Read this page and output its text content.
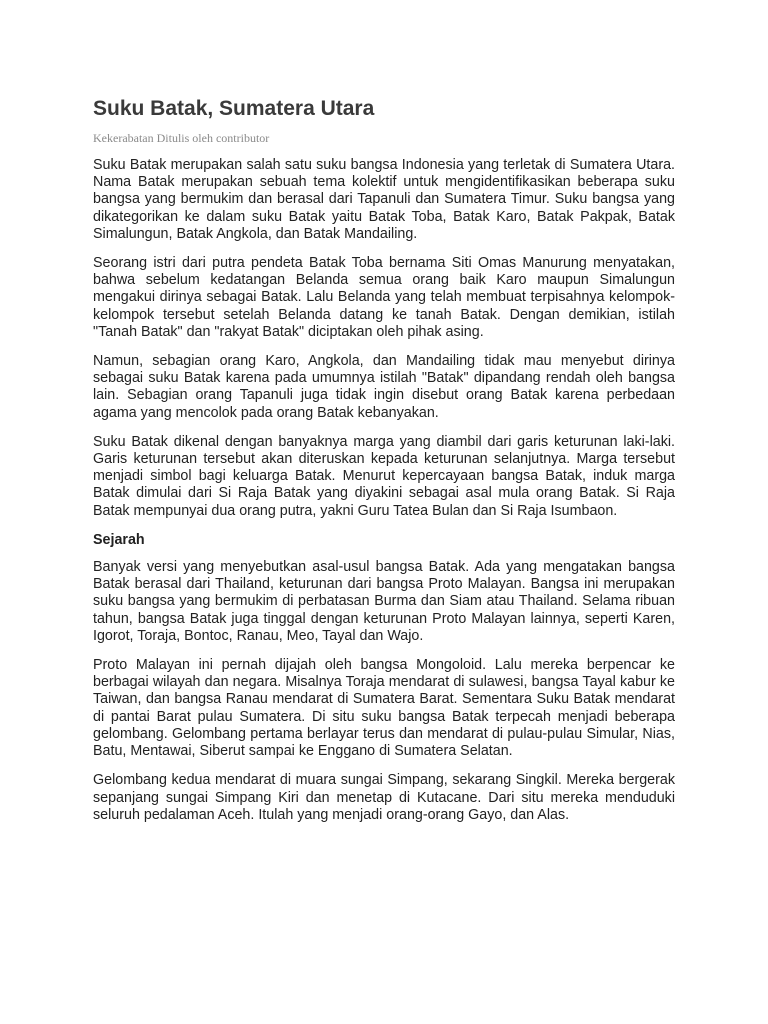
Suku Batak, Sumatera Utara
Kekerabatan Ditulis oleh contributor

Suku Batak merupakan salah satu suku bangsa Indonesia yang terletak di Sumatera Utara. Nama Batak merupakan sebuah tema kolektif untuk mengidentifikasikan beberapa suku bangsa yang bermukim dan berasal dari Tapanuli dan Sumatera Timur. Suku bangsa yang dikategorikan ke dalam suku Batak yaitu Batak Toba, Batak Karo, Batak Pakpak, Batak Simalungun, Batak Angkola, dan Batak Mandailing.

Seorang istri dari putra pendeta Batak Toba bernama Siti Omas Manurung menyatakan, bahwa sebelum kedatangan Belanda semua orang baik Karo maupun Simalungun mengakui dirinya sebagai Batak. Lalu Belanda yang telah membuat terpisahnya kelompok-kelompok tersebut setelah Belanda datang ke tanah Batak. Dengan demikian, istilah "Tanah Batak" dan "rakyat Batak" diciptakan oleh pihak asing.

Namun, sebagian orang Karo, Angkola, dan Mandailing tidak mau menyebut dirinya sebagai suku Batak karena pada umumnya istilah "Batak" dipandang rendah oleh bangsa lain. Sebagian orang Tapanuli juga tidak ingin disebut orang Batak karena perbedaan agama yang mencolok pada orang Batak kebanyakan.

Suku Batak dikenal dengan banyaknya marga yang diambil dari garis keturunan laki-laki. Garis keturunan tersebut akan diteruskan kepada keturunan selanjutnya. Marga tersebut menjadi simbol bagi keluarga Batak. Menurut kepercayaan bangsa Batak, induk marga Batak dimulai dari Si Raja Batak yang diyakini sebagai asal mula orang Batak. Si Raja Batak mempunyai dua orang putra, yakni Guru Tatea Bulan dan Si Raja Isumbaon.

Sejarah

Banyak versi yang menyebutkan asal-usul bangsa Batak. Ada yang mengatakan bangsa Batak berasal dari Thailand, keturunan dari bangsa Proto Malayan. Bangsa ini merupakan suku bangsa yang bermukim di perbatasan Burma dan Siam atau Thailand. Selama ribuan tahun, bangsa Batak juga tinggal dengan keturunan Proto Malayan lainnya, seperti Karen, Igorot, Toraja, Bontoc, Ranau, Meo, Tayal dan Wajo.

Proto Malayan ini pernah dijajah oleh bangsa Mongoloid. Lalu mereka berpencar ke berbagai wilayah dan negara. Misalnya Toraja mendarat di sulawesi, bangsa Tayal kabur ke Taiwan, dan bangsa Ranau mendarat di Sumatera Barat. Sementara Suku Batak mendarat di pantai Barat pulau Sumatera. Di situ suku bangsa Batak terpecah menjadi beberapa gelombang. Gelombang pertama berlayar terus dan mendarat di pulau-pulau Simular, Nias, Batu, Mentawai, Siberut sampai ke Enggano di Sumatera Selatan.

Gelombang kedua mendarat di muara sungai Simpang, sekarang Singkil. Mereka bergerak sepanjang sungai Simpang Kiri dan menetap di Kutacane. Dari situ mereka menduduki seluruh pedalaman Aceh. Itulah yang menjadi orang-orang Gayo, dan Alas.
